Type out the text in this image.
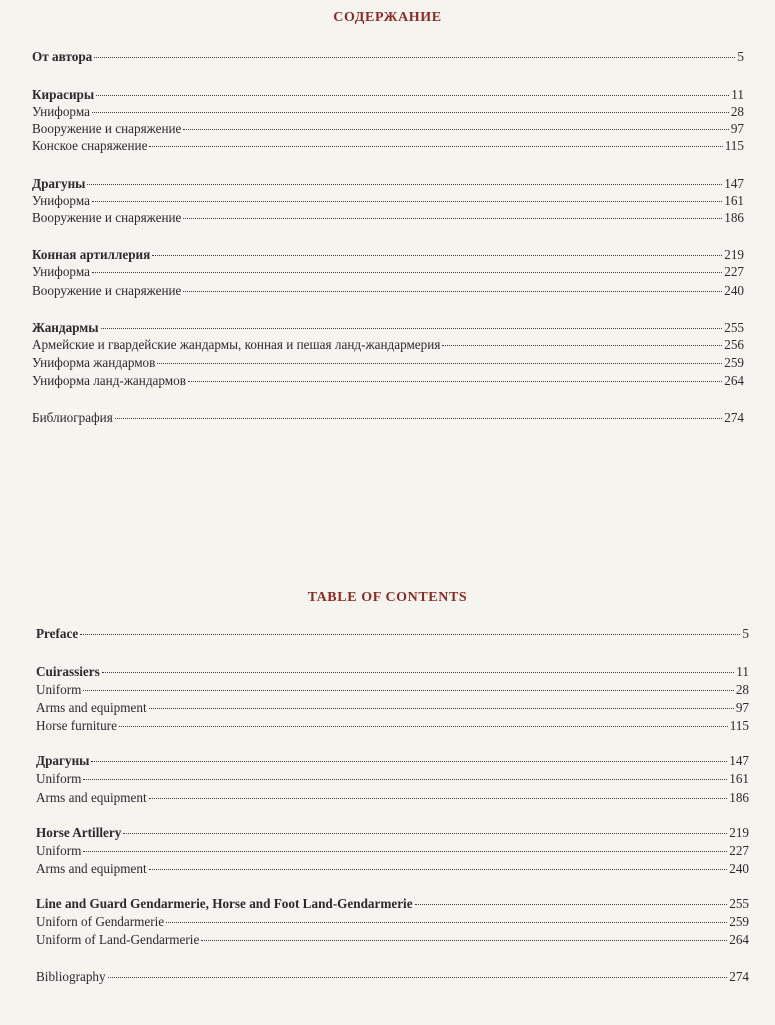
СОДЕРЖАНИЕ
От автора	5
Кирасиры	11
Униформа	28
Вооружение и снаряжение	97
Конское снаряжение	115
Драгуны	147
Униформа	161
Вооружение и снаряжение	186
Конная артиллерия	219
Униформа	227
Вооружение и снаряжение	240
Жандармы	255
Армейские и гвардейские жандармы, конная и пешая ланд-жандармерия	256
Униформа жандармов	259
Униформа ланд-жандармов	264
Библиография	274
TABLE OF CONTENTS
Preface	5
Cuirassiers	11
Uniform	28
Arms and equipment	97
Horse furniture	115
Драгуны	147
Uniform	161
Arms and equipment	186
Horse Artillery	219
Uniform	227
Arms and equipment	240
Line and Guard Gendarmerie, Horse and Foot Land-Gendarmerie	255
Uniforn of Gendarmerie	259
Uniform of Land-Gendarmerie	264
Bibliography	274
